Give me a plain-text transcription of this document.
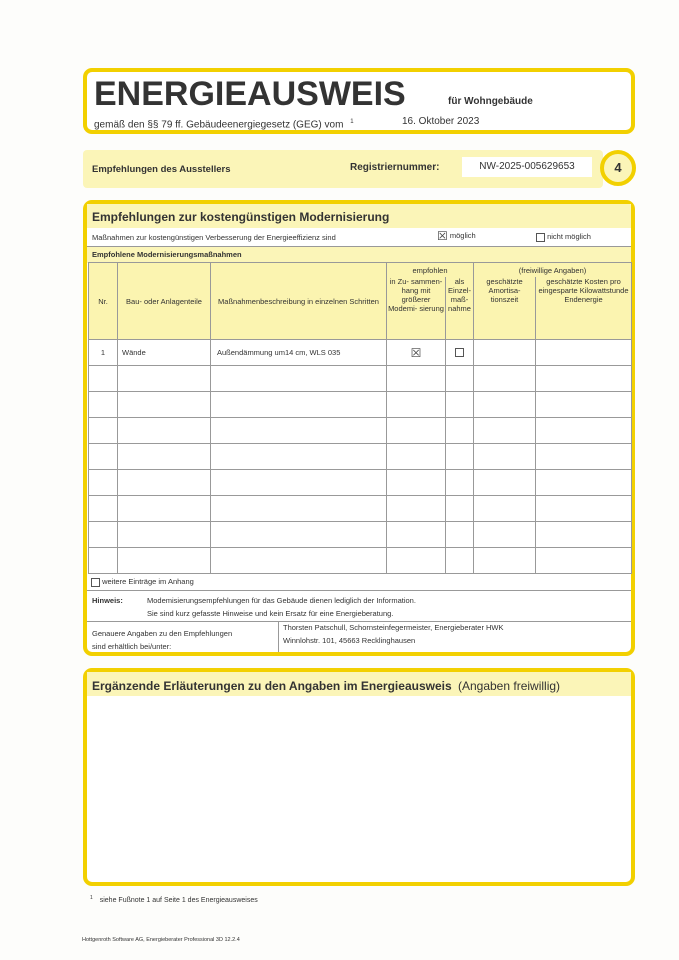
ENERGIEAUSWEIS	für Wohngebäude
gemäß den §§ 79 ff. Gebäudeenergiegesetz (GEG) vom $^1$	16. Oktober 2023
Empfehlungen des Ausstellers	Registriernummer:	NW-2025-005629653	4
Empfehlungen zur kostengünstigen Modernisierung
Maßnahmen zur kostengünstigen Verbesserung der Energieeffizienz sind	☒ möglich	nicht möglich
Empfohlene Modernisierungsmaßnahmen
Nr.	Bau- oder Anlagenteile	Maßnahmenbeschreibung in einzelnen Schritten	empfohlen		(freiwillige Angaben)	
			in Zu- sammen- hang mit größerer Modemi- sierung	als Einzel- maß- nahme	geschätzte Amortisa- tionszeit	geschätzte Kosten pro eingesparte Kilowattstunde Endenergie
1	Wände	Außendämmung um14 cm, WLS 035	☒			

weitere Einträge im Anhang
Hinweis:	Modemisierungsempfehlungen für das Gebäude dienen lediglich der Information.
Sie sind kurz gefasste Hinweise und kein Ersatz für eine Energieberatung.
Genauere Angaben zu den Empfehlungen
sind erhältlich bei/unter:
Thorsten Patschull, Schornsteinfegermeister, Energieberater HWK
Winnlohstr. 101, 45663 Recklinghausen
Ergänzende Erläuterungen zu den Angaben im Energieausweis (Angaben freiwillig)
$^1$ siehe Fußnote 1 auf Seite 1 des Energieausweises
Hottgenroth Software AG, Energieberater Professional 3D 12.2.4
